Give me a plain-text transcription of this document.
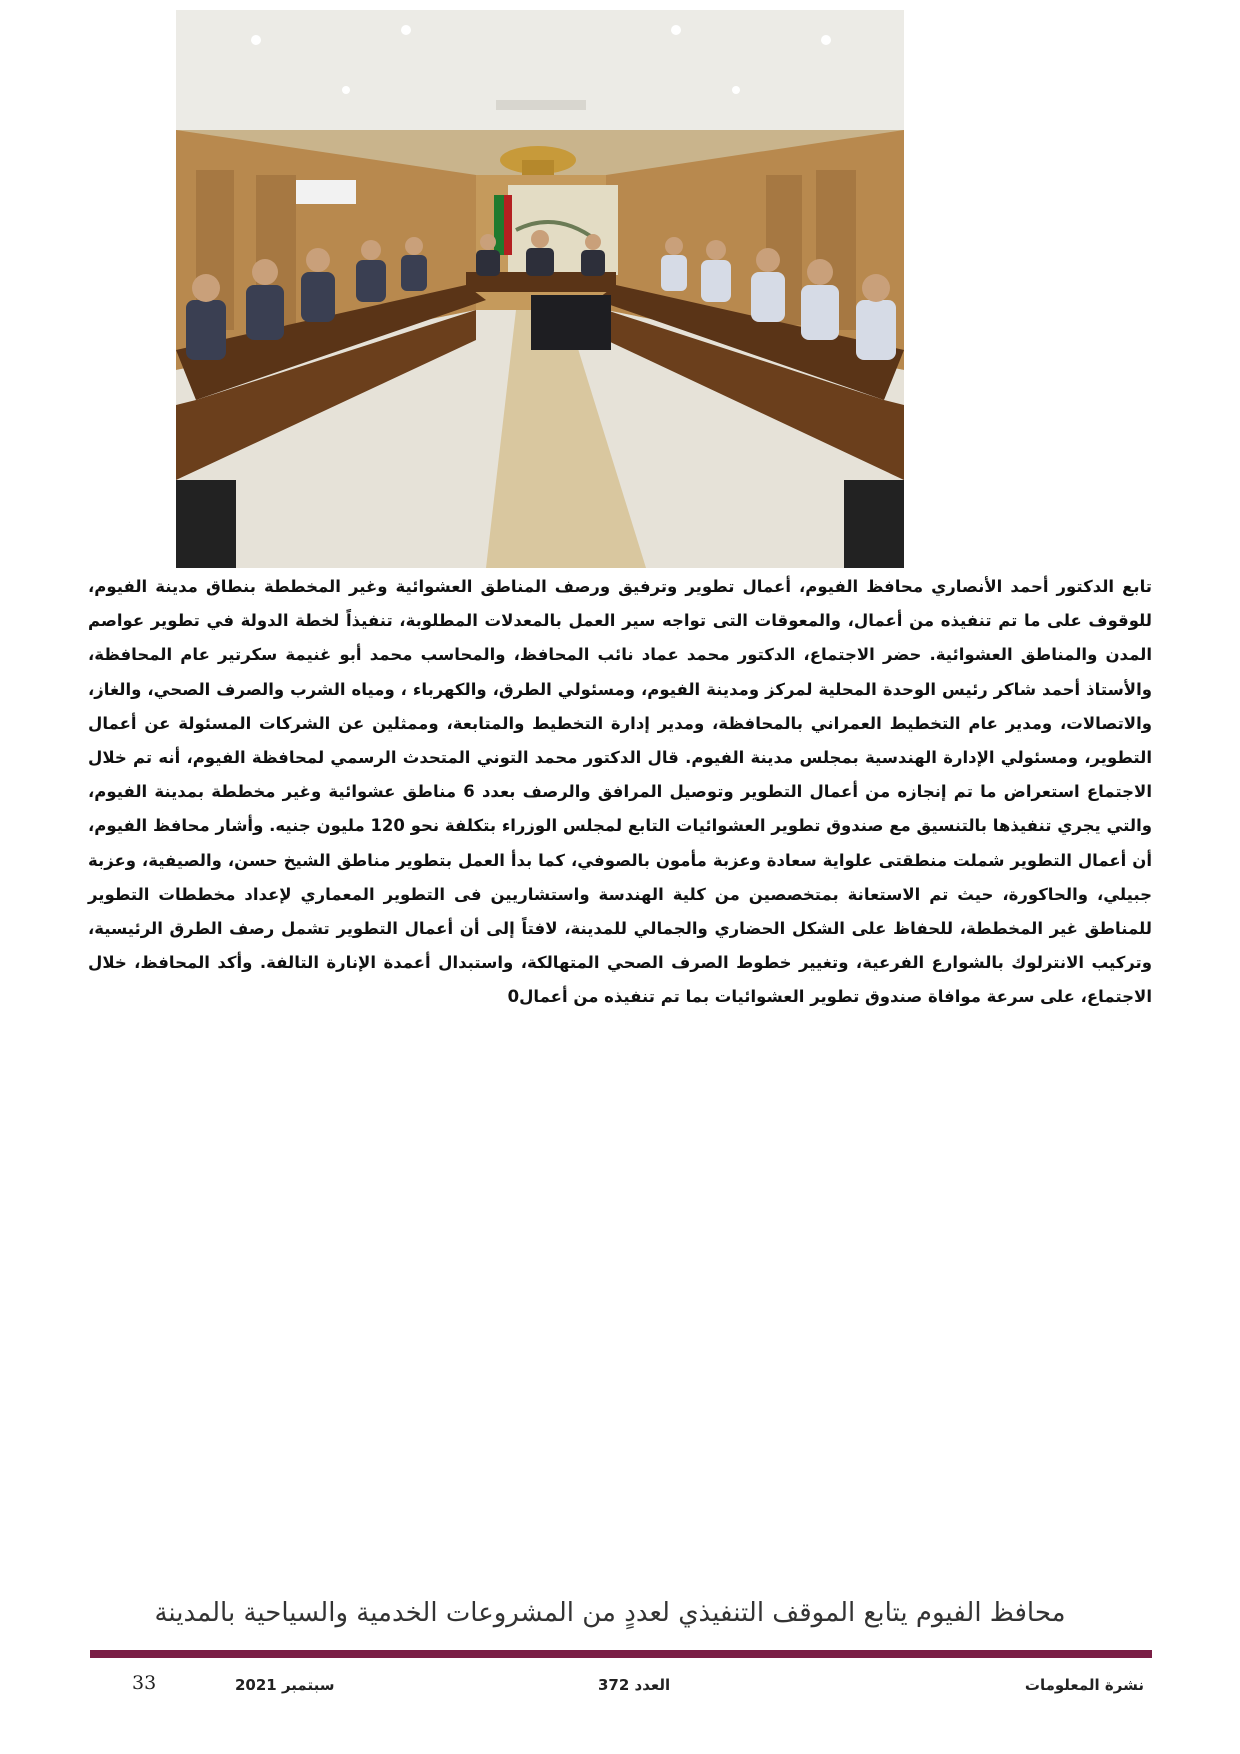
تابع الدكتور أحمد الأنصاري محافظ الفيوم، أعمال تطوير وترفيق ورصف المناطق العشوائية وغير المخططة بنطاق مدينة الفيوم، للوقوف على ما تم تنفيذه من أعمال، والمعوقات التى تواجه سير العمل بالمعدلات المطلوبة، تنفيذاً لخطة الدولة في تطوير عواصم المدن والمناطق العشوائية. حضر الاجتماع، الدكتور محمد عماد نائب المحافظ، والمحاسب محمد أبو غنيمة سكرتير عام المحافظة، والأستاذ أحمد شاكر رئيس الوحدة المحلية لمركز ومدينة الفيوم، ومسئولي الطرق، والكهرباء ، ومياه الشرب والصرف الصحي، والغاز، والاتصالات، ومدير عام التخطيط العمراني بالمحافظة، ومدير إدارة التخطيط والمتابعة، وممثلين عن الشركات المسئولة عن أعمال التطوير، ومسئولي الإدارة الهندسية بمجلس مدينة الفيوم. قال الدكتور محمد التوني المتحدث الرسمي لمحافظة الفيوم، أنه تم خلال الاجتماع استعراض ما تم إنجازه من أعمال التطوير وتوصيل المرافق والرصف بعدد 6 مناطق عشوائية وغير مخططة بمدينة الفيوم، والتي يجري تنفيذها بالتنسيق مع صندوق تطوير العشوائيات التابع لمجلس الوزراء بتكلفة نحو 120 مليون جنيه. وأشار محافظ الفيوم، أن أعمال التطوير شملت منطقتى علواية سعادة وعزبة مأمون بالصوفي، كما بدأ العمل بتطوير مناطق الشيخ حسن، والصيفية، وعزبة جبيلي، والحاكورة، حيث تم الاستعانة بمتخصصين من كلية الهندسة واستشاريين فى التطوير المعماري لإعداد مخططات التطوير للمناطق غير المخططة، للحفاظ على الشكل الحضاري والجمالي للمدينة، لافتاً إلى أن أعمال التطوير تشمل رصف الطرق الرئيسية، وتركيب الانترلوك بالشوارع الفرعية، وتغيير خطوط الصرف الصحي المتهالكة، واستبدال أعمدة الإنارة التالفة. وأكد المحافظ، خلال الاجتماع، على سرعة موافاة صندوق تطوير العشوائيات بما تم تنفيذه من أعمال0

محافظ الفيوم يتابع الموقف التنفيذي لعددٍ من المشروعات الخدمية والسياحية بالمدينة
33	سبتمبر 2021	العدد 372	نشرة المعلومات
